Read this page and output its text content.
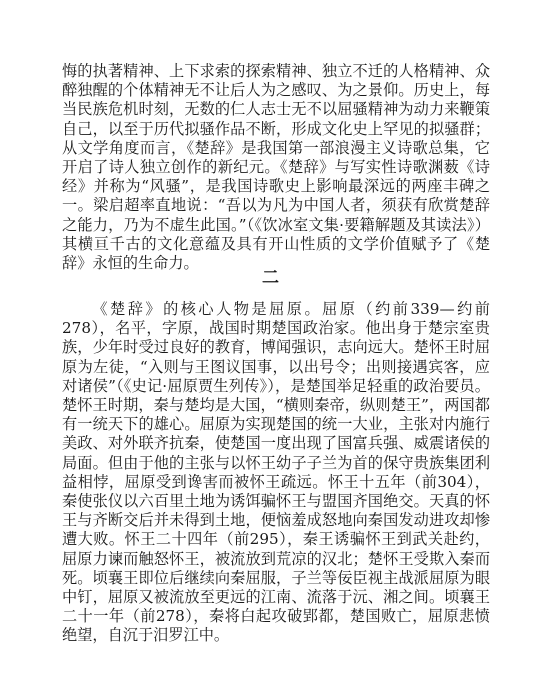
悔的执著精神、上下求索的探索精神、独立不迁的人格精神、众醉独醒的个体精神无不让后人为之感叹、为之景仰。历史上，每当民族危机时刻，无数的仁人志士无不以屈骚精神为动力来鞭策自己，以至于历代拟骚作品不断，形成文化史上罕见的拟骚群；从文学角度而言，《楚辞》是我国第一部浪漫主义诗歌总集，它开启了诗人独立创作的新纪元。《楚辞》与写实性诗歌渊薮《诗经》并称为“风骚”，是我国诗歌史上影响最深远的两座丰碑之一。梁启超率直地说：“吾以为凡为中国人者，须获有欣赏楚辞之能力，乃为不虚生此国。”（《饮冰室文集·要籍解题及其读法》）其横亘千古的文化意蕴及具有开山性质的文学价值赋予了《楚辞》永恒的生命力。

二

《楚辞》的核心人物是屈原。屈原（约前339—约前278），名平，字原，战国时期楚国政治家。他出身于楚宗室贵族，少年时受过良好的教育，博闻强识，志向远大。楚怀王时屈原为左徒，“入则与王图议国事，以出号令；出则接遇宾客，应对诸侯”（《史记·屈原贾生列传》），是楚国举足轻重的政治要员。楚怀王时期，秦与楚均是大国，“横则秦帝，纵则楚王”，两国都有一统天下的雄心。屈原为实现楚国的统一大业，主张对内施行美政、对外联齐抗秦，使楚国一度出现了国富兵强、威震诸侯的局面。但由于他的主张与以怀王幼子子兰为首的保守贵族集团利益相悖，屈原受到谗害而被怀王疏远。怀王十五年（前304），秦使张仪以六百里土地为诱饵骗怀王与盟国齐国绝交。天真的怀王与齐断交后并未得到土地，便恼羞成怒地向秦国发动进攻却惨遭大败。怀王二十四年（前295），秦王诱骗怀王到武关赴约，屈原力谏而触怒怀王，被流放到荒凉的汉北；楚怀王受欺入秦而死。顷襄王即位后继续向秦屈服，子兰等佞臣视主战派屈原为眼中钉，屈原又被流放至更远的江南、流落于沅、湘之间。顷襄王二十一年（前278），秦将白起攻破郢都，楚国败亡，屈原悲愤绝望，自沉于汨罗江中。
